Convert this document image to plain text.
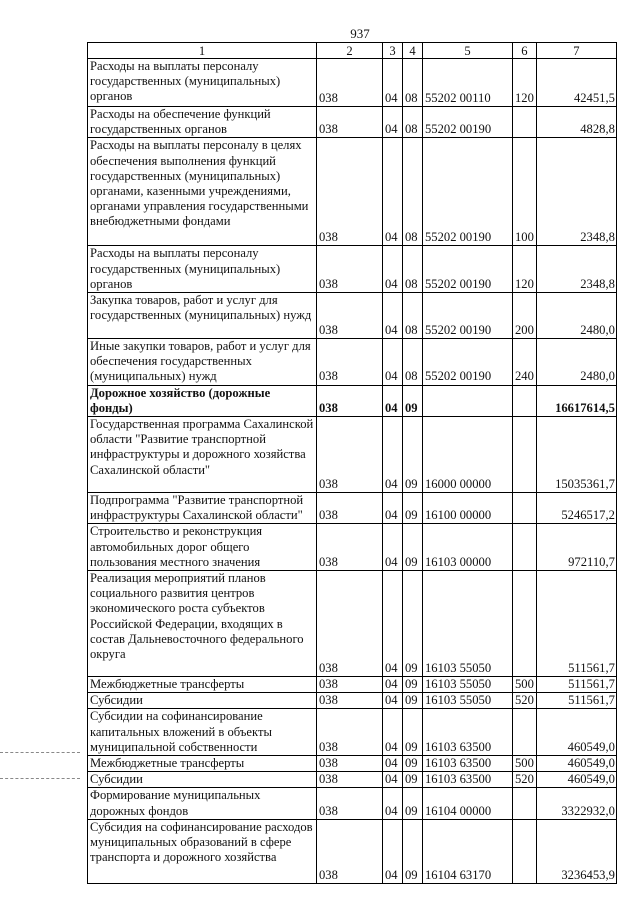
937
1	2	3	4	5	6	7

Расходы на выплаты персоналу государственных (муниципальных) органов	038	04	08	55202 00110	120	42451,5

Расходы на обеспечение функций государственных органов	038	04	08	55202 00190		4828,8

Расходы на выплаты персоналу в целях обеспечения выполнения функций государственных (муниципальных) органами, казенными учреждениями, органами управления государственными внебюджетными фондами	038	04	08	55202 00190	100	2348,8

Расходы на выплаты персоналу государственных (муниципальных) органов	038	04	08	55202 00190	120	2348,8

Закупка товаров, работ и услуг для государственных (муниципальных) нужд	038	04	08	55202 00190	200	2480,0

Иные закупки товаров, работ и услуг для обеспечения государственных (муниципальных) нужд	038	04	08	55202 00190	240	2480,0

Дорожное хозяйство (дорожные фонды)	038	04	09			16617614,5

Государственная программа Сахалинской области "Развитие транспортной инфраструктуры и дорожного хозяйства Сахалинской области"	038	04	09	16000 00000		15035361,7

Подпрограмма "Развитие транспортной инфраструктуры Сахалинской области"	038	04	09	16100 00000		5246517,2

Строительство и реконструкция автомобильных дорог общего пользования местного значения	038	04	09	16103 00000		972110,7

Реализация мероприятий планов социального развития центров экономического роста субъектов Российской Федерации, входящих в состав Дальневосточного федерального округа	038	04	09	16103 55050		511561,7

Межбюджетные трансферты	038	04	09	16103 55050	500	511561,7

Субсидии	038	04	09	16103 55050	520	511561,7

Субсидии на софинансирование капитальных вложений в объекты муниципальной собственности	038	04	09	16103 63500		460549,0

Межбюджетные трансферты	038	04	09	16103 63500	500	460549,0

Субсидии	038	04	09	16103 63500	520	460549,0

Формирование муниципальных дорожных фондов	038	04	09	16104 00000		3322932,0

Субсидия на софинансирование расходов муниципальных образований в сфере транспорта и дорожного хозяйства	038	04	09	16104 63170		3236453,9
